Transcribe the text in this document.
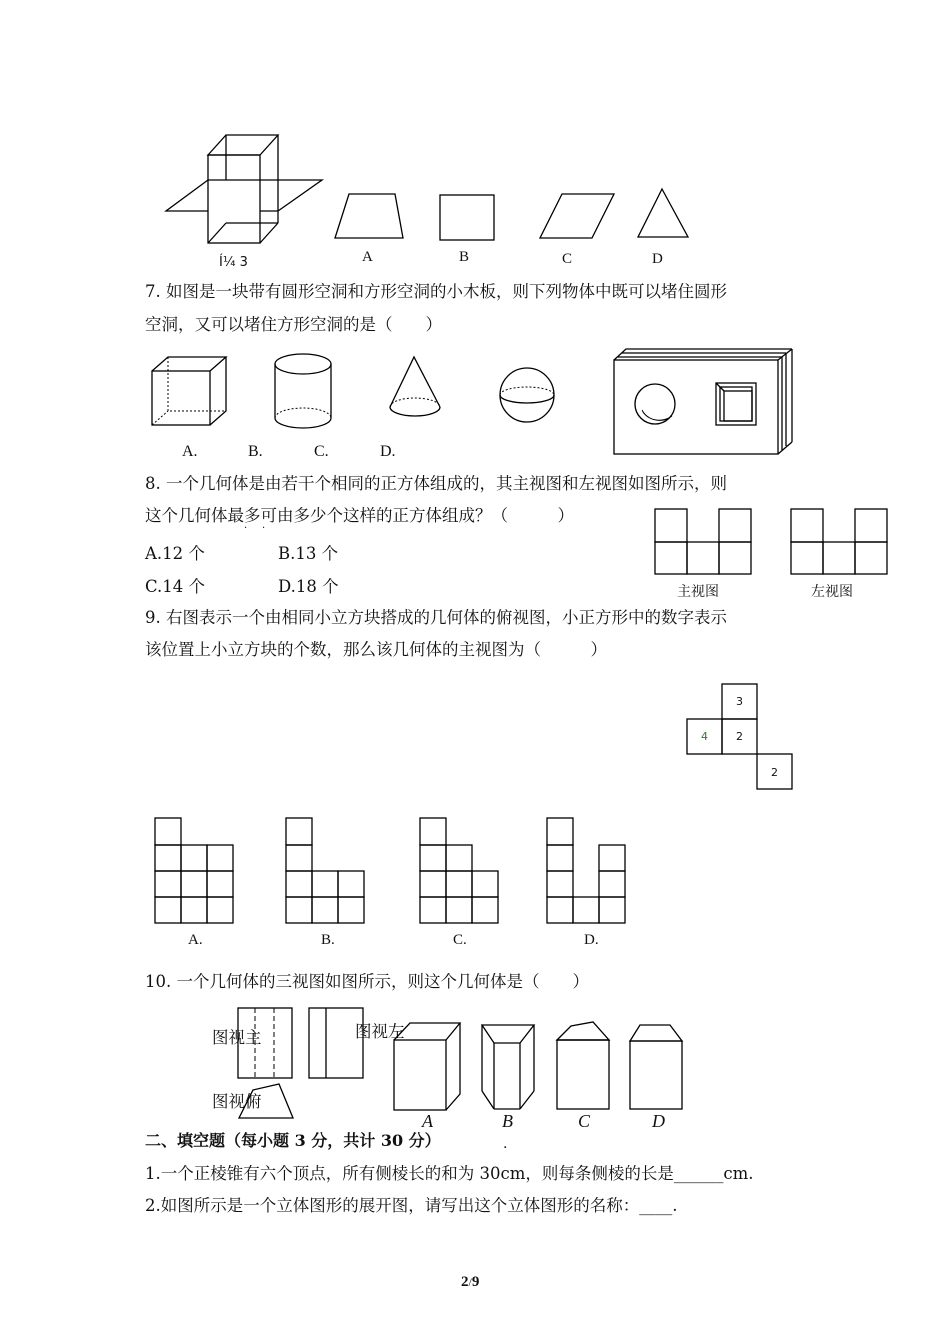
Í¼ 3	A	B	C	D
7. 如图是一块带有圆形空洞和方形空洞的小木板，则下列物体中既可以堵住圆形
空洞，又可以堵住方形空洞的是（　　）
A.	B.	C.	D.
8. 一个几何体是由若干个相同的正方体组成的，其主视图和左视图如图所示，则
这个几何体最多可由多少个这样的正方体组成？（　　　）
· ·
A.12 个	B.13 个
C.14 个	D.18 个	主视图	左视图
9. 右图表示一个由相同小立方块搭成的几何体的俯视图，小正方形中的数字表示
该位置上小立方块的个数，那么该几何体的主视图为（　　　）
3
4	2
2
A.	B.	C.	D.
10. 一个几何体的三视图如图所示，则这个几何体是（　　）
图视主	图视左
图视俯
A	B	C	D
.
二、填空题（每小题 3 分，共计 30 分）
1.一个正棱锥有六个顶点，所有侧棱长的和为 30cm，则每条侧棱的长是______cm.
2.如图所示是一个立体图形的展开图，请写出这个立体图形的名称：____.
2/9
